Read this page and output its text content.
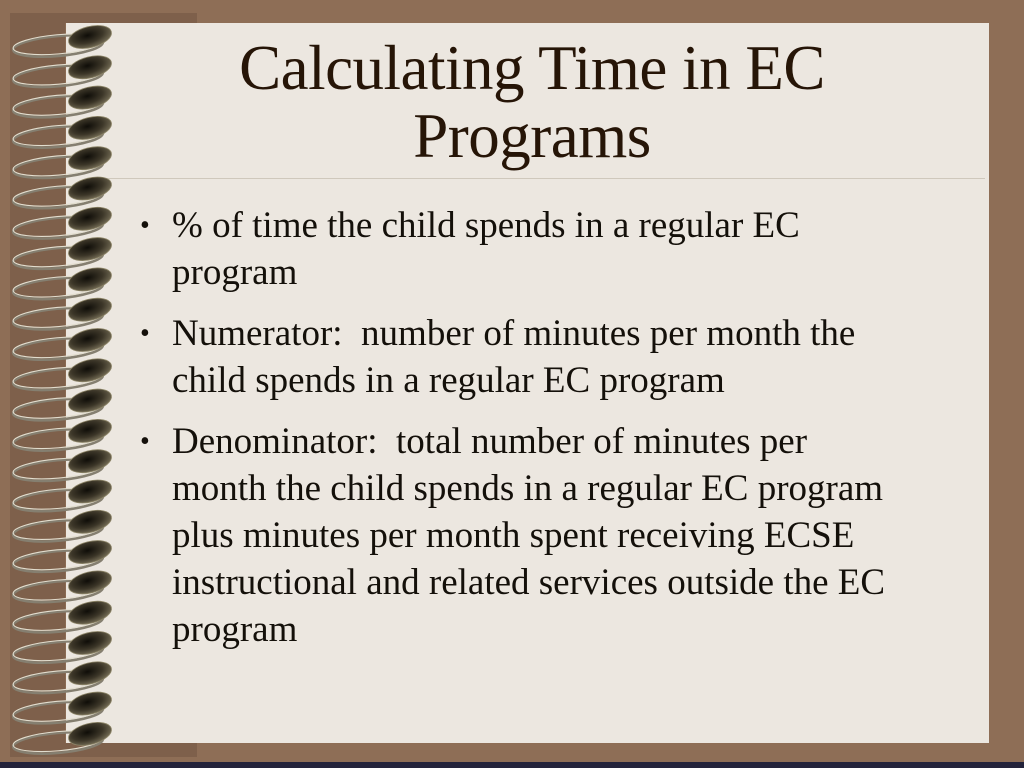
Calculating Time in EC
Programs
• % of time the child spends in a regular EC
program
• Numerator:  number of minutes per month the
child spends in a regular EC program
• Denominator:  total number of minutes per
month the child spends in a regular EC program
plus minutes per month spent receiving ECSE
instructional and related services outside the EC
program
